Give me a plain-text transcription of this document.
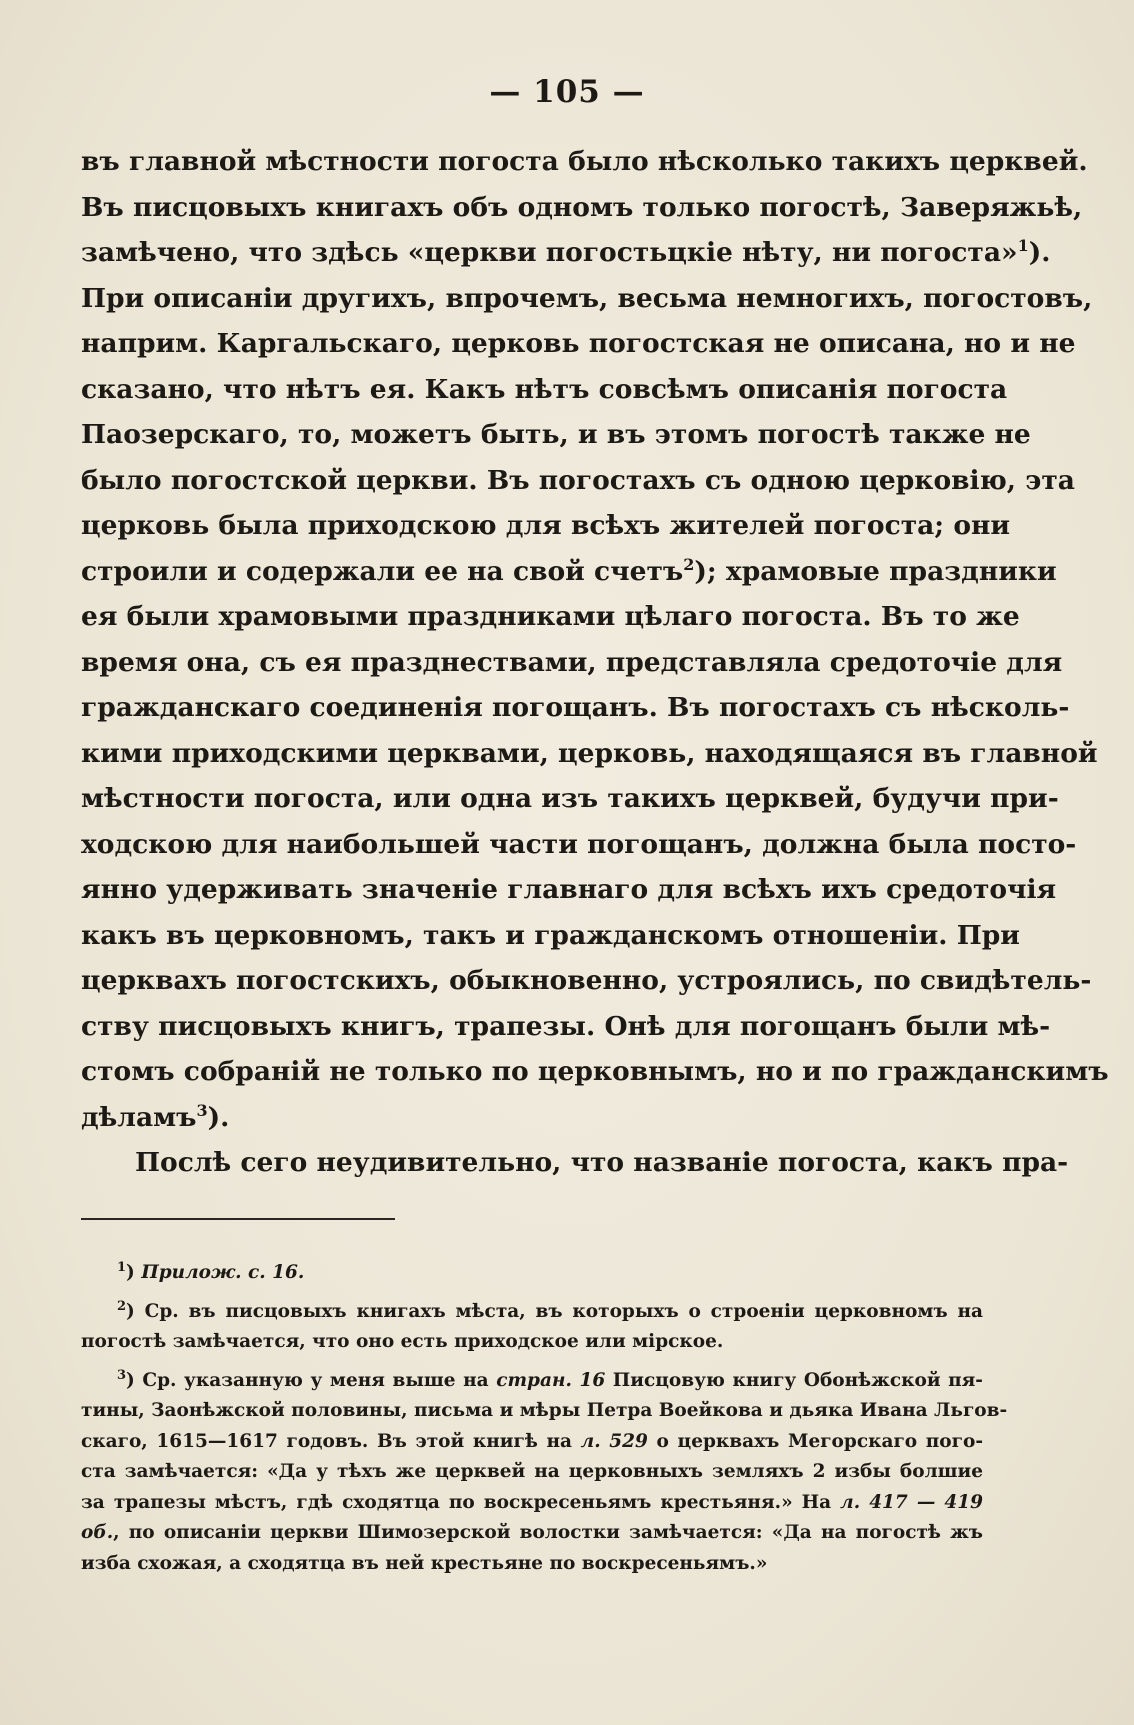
— 105 —
въ главной мѣстности погоста было нѣсколько такихъ церквей.
Въ писцовыхъ книгахъ объ одномъ только погостѣ, Заверяжьѣ,
замѣчено, что здѣсь «церкви погостьцкіе нѣту, ни погоста»$^1$).
При описаніи другихъ, впрочемъ, весьма немногихъ, погостовъ,
наприм. Каргальскаго, церковь погостская не описана, но и не
сказано, что нѣтъ ея. Какъ нѣтъ совсѣмъ описанія погоста
Паозерскаго, то, можетъ быть, и въ этомъ погостѣ также не
было погостской церкви. Въ погостахъ съ одною церковію, эта
церковь была приходскою для всѣхъ жителей погоста; они
строили и содержали ее на свой счетъ$^2$); храмовые праздники
ея были храмовыми праздниками цѣлаго погоста. Въ то же
время она, съ ея празднествами, представляла средоточіе для
гражданскаго соединенія погощанъ. Въ погостахъ съ нѣсколь-
кими приходскими церквами, церковь, находящаяся въ главной
мѣстности погоста, или одна изъ такихъ церквей, будучи при-
ходскою для наибольшей части погощанъ, должна была посто-
янно удерживать значеніе главнаго для всѣхъ ихъ средоточія
какъ въ церковномъ, такъ и гражданскомъ отношеніи. При
церквахъ погостскихъ, обыкновенно, устроялись, по свидѣтель-
ству писцовыхъ книгъ, трапезы. Онѣ для погощанъ были мѣ-
стомъ собраній не только по церковнымъ, но и по гражданскимъ
дѣламъ$^3$).
Послѣ сего неудивительно, что названіе погоста, какъ пра-
$^1$) Прилож. с. 16.
$^2$) Ср. въ писцовыхъ книгахъ мѣста, въ которыхъ о строеніи церковномъ на
погостѣ замѣчается, что оно есть приходское или мірское.
$^3$) Ср. указанную у меня выше на стран. 16 Писцовую книгу Обонѣжской пя-
тины, Заонѣжской половины, письма и мѣры Петра Воейкова и дьяка Ивана Льгов-
скаго, 1615—1617 годовъ. Въ этой книгѣ на л. 529 о церквахъ Мегорскаго пого-
ста замѣчается: «Да у тѣхъ же церквей на церковныхъ земляхъ 2 избы болшие
за трапезы мѣстъ, гдѣ сходятца по воскресеньямъ крестьяня.» На л. 417 — 419
об., по описаніи церкви Шимозерской волостки замѣчается: «Да на погостѣ жъ
изба схожая, а сходятца въ ней крестьяне по воскресеньямъ.»
